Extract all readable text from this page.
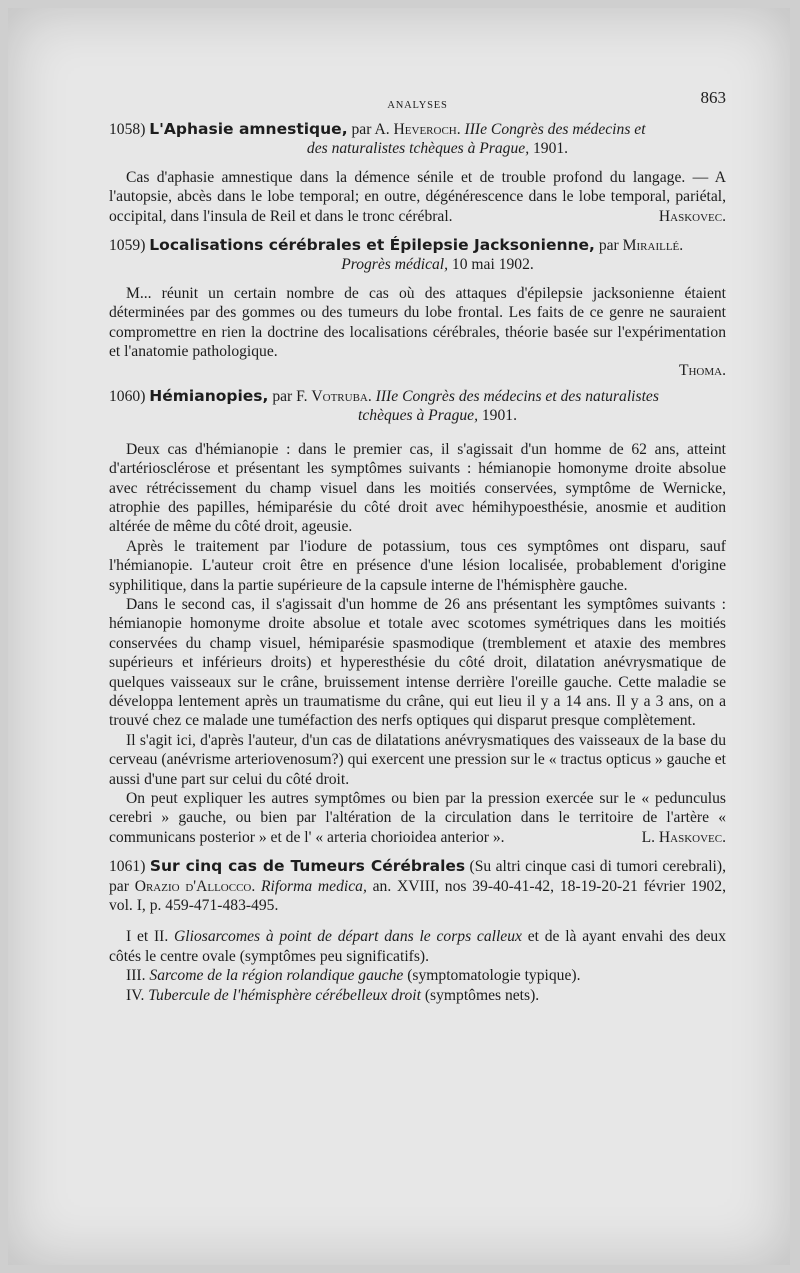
ANALYSES	863
1058) L'Aphasie amnestique, par A. Heveroch. IIIe Congrès des médecins et
des naturalistes tchèques à Prague, 1901.

Cas d'aphasie amnestique dans la démence sénile et de trouble profond du langage. — A l'autopsie, abcès dans le lobe temporal; en outre, dégénérescence dans le lobe temporal, pariétal, occipital, dans l'insula de Reil et dans le tronc cérébral.	Haskovec.

1059) Localisations cérébrales et Épilepsie Jacksonienne, par Miraillé.
Progrès médical, 10 mai 1902.

M... réunit un certain nombre de cas où des attaques d'épilepsie jacksonienne étaient déterminées par des gommes ou des tumeurs du lobe frontal. Les faits de ce genre ne sauraient compromettre en rien la doctrine des localisations cérébrales, théorie basée sur l'expérimentation et l'anatomie pathologique.

Thoma.

1060) Hémianopies, par F. Votruba. IIIe Congrès des médecins et des naturalistes
tchèques à Prague, 1901.

Deux cas d'hémianopie : dans le premier cas, il s'agissait d'un homme de 62 ans, atteint d'artériosclérose et présentant les symptômes suivants : hémianopie homonyme droite absolue avec rétrécissement du champ visuel dans les moitiés conservées, symptôme de Wernicke, atrophie des papilles, hémiparésie du côté droit avec hémihypoesthésie, anosmie et audition altérée de même du côté droit, ageusie.

Après le traitement par l'iodure de potassium, tous ces symptômes ont disparu, sauf l'hémianopie. L'auteur croit être en présence d'une lésion localisée, probablement d'origine syphilitique, dans la partie supérieure de la capsule interne de l'hémisphère gauche.

Dans le second cas, il s'agissait d'un homme de 26 ans présentant les symptômes suivants : hémianopie homonyme droite absolue et totale avec scotomes symétriques dans les moitiés conservées du champ visuel, hémiparésie spasmodique (tremblement et ataxie des membres supérieurs et inférieurs droits) et hyperesthésie du côté droit, dilatation anévrysmatique de quelques vaisseaux sur le crâne, bruissement intense derrière l'oreille gauche. Cette maladie se développa lentement après un traumatisme du crâne, qui eut lieu il y a 14 ans. Il y a 3 ans, on a trouvé chez ce malade une tuméfaction des nerfs optiques qui disparut presque complètement.

Il s'agit ici, d'après l'auteur, d'un cas de dilatations anévrysmatiques des vaisseaux de la base du cerveau (anévrisme arteriovenosum?) qui exercent une pression sur le « tractus opticus » gauche et aussi d'une part sur celui du côté droit.

On peut expliquer les autres symptômes ou bien par la pression exercée sur le « pedunculus cerebri » gauche, ou bien par l'altération de la circulation dans le territoire de l'artère « communicans posterior » et de l' « arteria chorioidea anterior ».	L. Haskovec.

1061) Sur cinq cas de Tumeurs Cérébrales (Su altri cinque casi di tumori cerebrali), par Orazio d'Allocco. Riforma medica, an. XVIII, nos 39-40-41-42, 18-19-20-21 février 1902, vol. I, p. 459-471-483-495.

I et II. Gliosarcomes à point de départ dans le corps calleux et de là ayant envahi des deux côtés le centre ovale (symptômes peu significatifs).

III. Sarcome de la région rolandique gauche (symptomatologie typique).

IV. Tubercule de l'hémisphère cérébelleux droit (symptômes nets).
